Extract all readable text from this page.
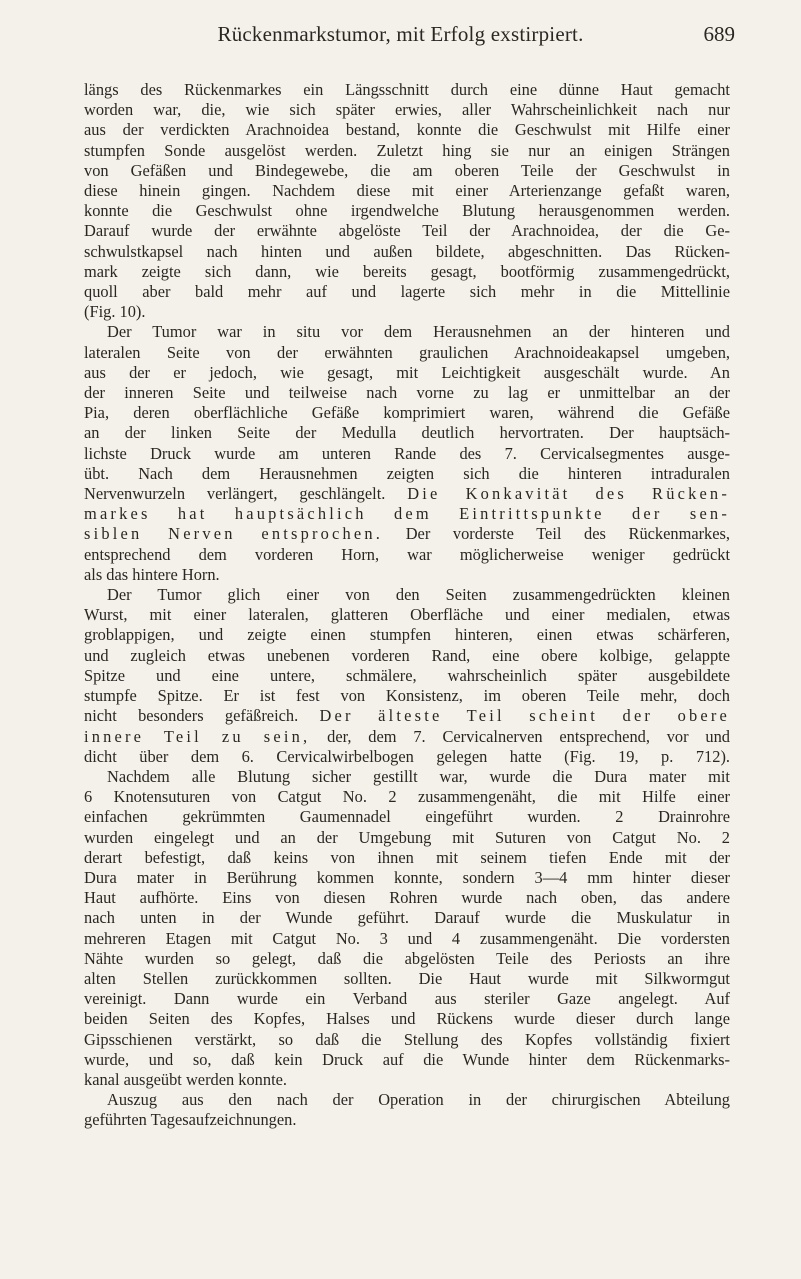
Rückenmarkstumor, mit Erfolg exstirpiert.	689
längs des Rückenmarkes ein Längsschnitt durch eine dünne Haut gemacht
worden war, die, wie sich später erwies, aller Wahrscheinlichkeit nach nur
aus der verdickten Arachnoidea bestand, konnte die Geschwulst mit Hilfe einer
stumpfen Sonde ausgelöst werden. Zuletzt hing sie nur an einigen Strängen
von Gefäßen und Bindegewebe, die am oberen Teile der Geschwulst in
diese hinein gingen. Nachdem diese mit einer Arterienzange gefaßt waren,
konnte die Geschwulst ohne irgendwelche Blutung herausgenommen werden.
Darauf wurde der erwähnte abgelöste Teil der Arachnoidea, der die Ge-
schwulstkapsel nach hinten und außen bildete, abgeschnitten. Das Rücken-
mark zeigte sich dann, wie bereits gesagt, bootförmig zusammengedrückt,
quoll aber bald mehr auf und lagerte sich mehr in die Mittellinie
(Fig. 10).
Der Tumor war in situ vor dem Herausnehmen an der hinteren und
lateralen Seite von der erwähnten graulichen Arachnoideakapsel umgeben,
aus der er jedoch, wie gesagt, mit Leichtigkeit ausgeschält wurde. An
der inneren Seite und teilweise nach vorne zu lag er unmittelbar an der
Pia, deren oberflächliche Gefäße komprimiert waren, während die Gefäße
an der linken Seite der Medulla deutlich hervortraten. Der hauptsäch-
lichste Druck wurde am unteren Rande des 7. Cervicalsegmentes ausge-
übt. Nach dem Herausnehmen zeigten sich die hinteren intraduralen
Nervenwurzeln verlängert, geschlängelt. Die Konkavität des Rücken-
markes hat hauptsächlich dem Eintrittspunkte der sen-
siblen Nerven entsprochen. Der vorderste Teil des Rückenmarkes,
entsprechend dem vorderen Horn, war möglicherweise weniger gedrückt
als das hintere Horn.
Der Tumor glich einer von den Seiten zusammengedrückten kleinen
Wurst, mit einer lateralen, glatteren Oberfläche und einer medialen, etwas
groblappigen, und zeigte einen stumpfen hinteren, einen etwas schärferen,
und zugleich etwas unebenen vorderen Rand, eine obere kolbige, gelappte
Spitze und eine untere, schmälere, wahrscheinlich später ausgebildete
stumpfe Spitze. Er ist fest von Konsistenz, im oberen Teile mehr, doch
nicht besonders gefäßreich. Der älteste Teil scheint der obere
innere Teil zu sein, der, dem 7. Cervicalnerven entsprechend, vor und
dicht über dem 6. Cervicalwirbelbogen gelegen hatte (Fig. 19, p. 712).
Nachdem alle Blutung sicher gestillt war, wurde die Dura mater mit
6 Knotensuturen von Catgut No. 2 zusammengenäht, die mit Hilfe einer
einfachen gekrümmten Gaumennadel eingeführt wurden. 2 Drainrohre
wurden eingelegt und an der Umgebung mit Suturen von Catgut No. 2
derart befestigt, daß keins von ihnen mit seinem tiefen Ende mit der
Dura mater in Berührung kommen konnte, sondern 3—4 mm hinter dieser
Haut aufhörte. Eins von diesen Rohren wurde nach oben, das andere
nach unten in der Wunde geführt. Darauf wurde die Muskulatur in
mehreren Etagen mit Catgut No. 3 und 4 zusammengenäht. Die vordersten
Nähte wurden so gelegt, daß die abgelösten Teile des Periosts an ihre
alten Stellen zurückkommen sollten. Die Haut wurde mit Silkwormgut
vereinigt. Dann wurde ein Verband aus steriler Gaze angelegt. Auf
beiden Seiten des Kopfes, Halses und Rückens wurde dieser durch lange
Gipsschienen verstärkt, so daß die Stellung des Kopfes vollständig fixiert
wurde, und so, daß kein Druck auf die Wunde hinter dem Rückenmarks-
kanal ausgeübt werden konnte.
Auszug aus den nach der Operation in der chirurgischen Abteilung
geführten Tagesaufzeichnungen.
